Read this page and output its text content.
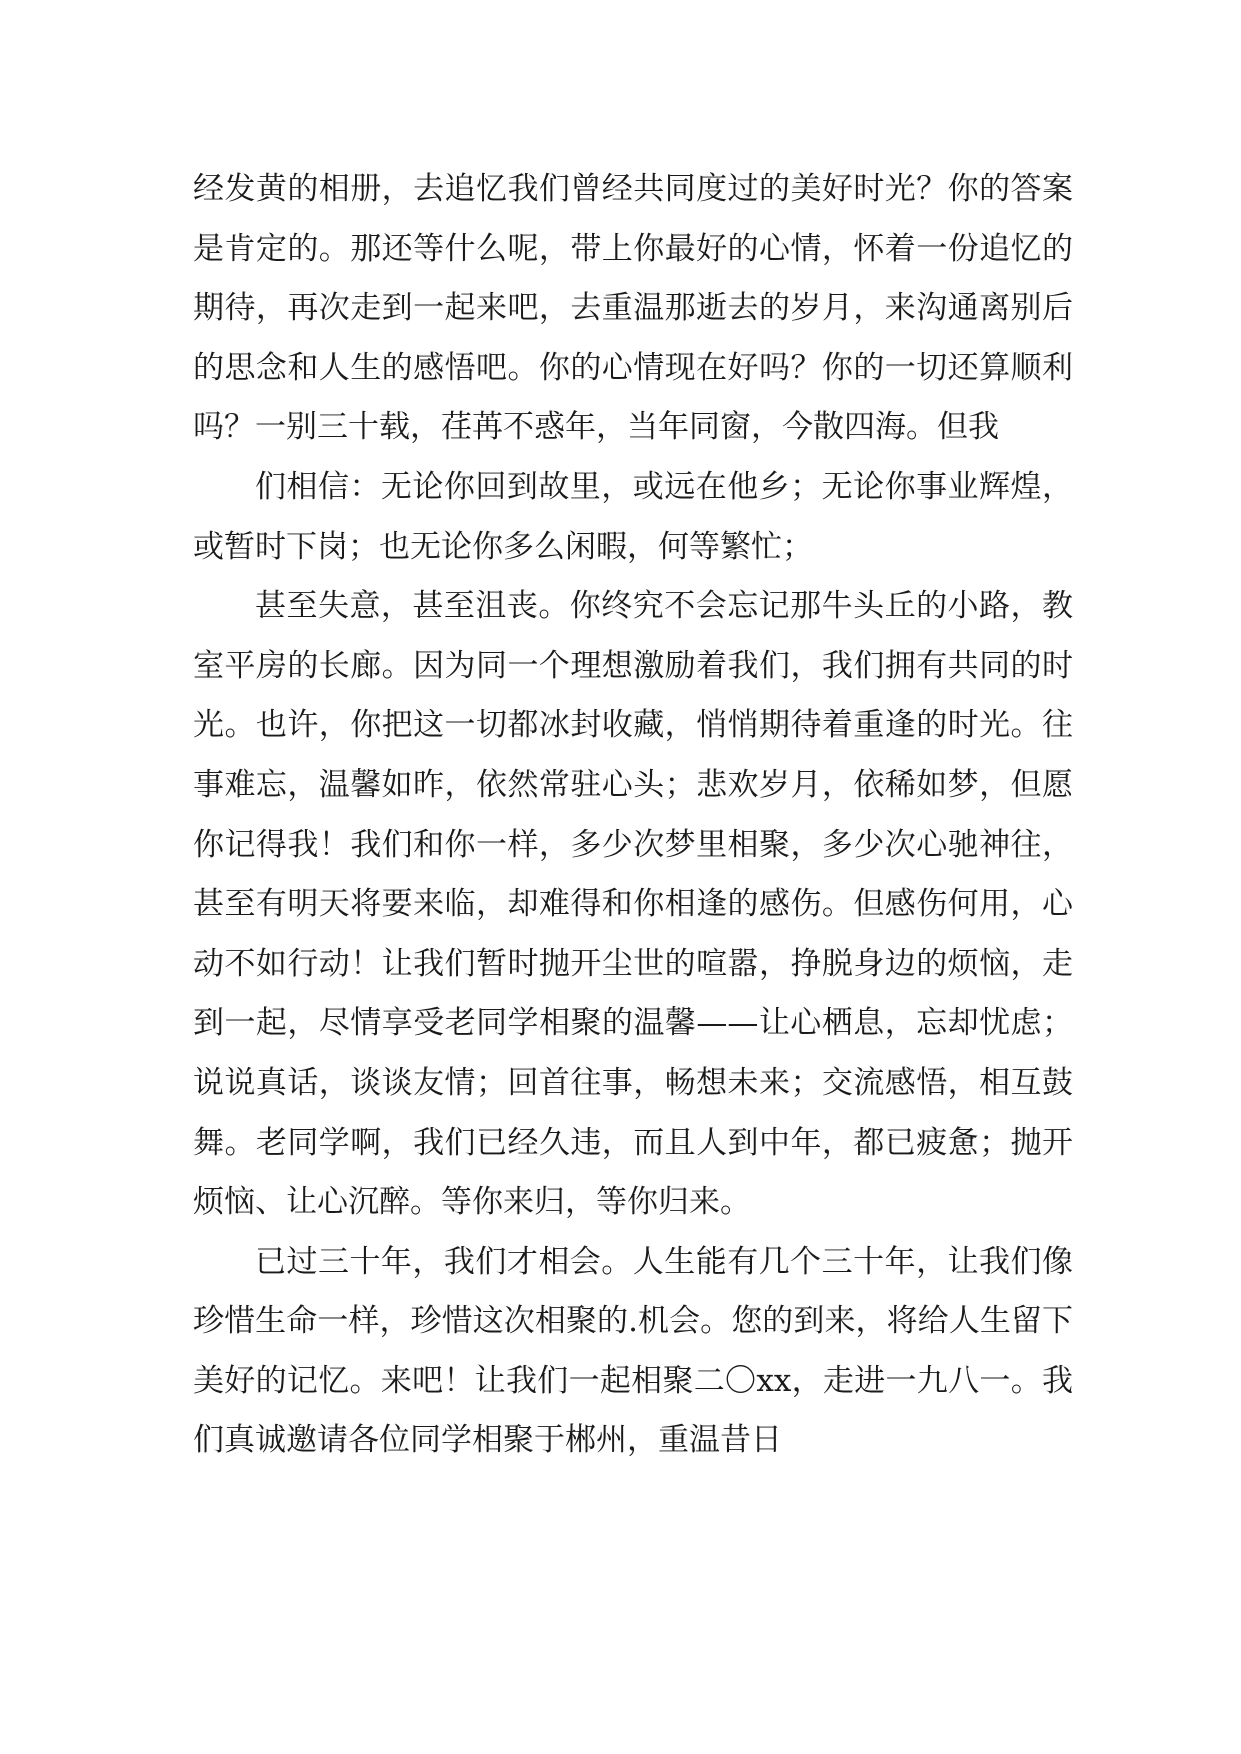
经发黄的相册，去追忆我们曾经共同度过的美好时光？你的答案是肯定的。那还等什么呢，带上你最好的心情，怀着一份追忆的期待，再次走到一起来吧，去重温那逝去的岁月，来沟通离别后的思念和人生的感悟吧。你的心情现在好吗？你的一切还算顺利吗？一别三十载，荏苒不惑年，当年同窗，今散四海。但我

们相信：无论你回到故里，或远在他乡；无论你事业辉煌，或暂时下岗；也无论你多么闲暇，何等繁忙；

甚至失意，甚至沮丧。你终究不会忘记那牛头丘的小路，教室平房的长廊。因为同一个理想激励着我们，我们拥有共同的时光。也许，你把这一切都冰封收藏，悄悄期待着重逢的时光。往事难忘，温馨如昨，依然常驻心头；悲欢岁月，依稀如梦，但愿你记得我！我们和你一样，多少次梦里相聚，多少次心驰神往，甚至有明天将要来临，却难得和你相逢的感伤。但感伤何用，心动不如行动！让我们暂时抛开尘世的喧嚣，挣脱身边的烦恼，走到一起，尽情享受老同学相聚的温馨——让心栖息，忘却忧虑；说说真话，谈谈友情；回首往事，畅想未来；交流感悟，相互鼓舞。老同学啊，我们已经久违，而且人到中年，都已疲惫；抛开烦恼、让心沉醉。等你来归，等你归来。

已过三十年，我们才相会。人生能有几个三十年，让我们像珍惜生命一样，珍惜这次相聚的.机会。您的到来，将给人生留下美好的记忆。来吧！让我们一起相聚二〇xx，走进一九八一。我们真诚邀请各位同学相聚于郴州，重温昔日
